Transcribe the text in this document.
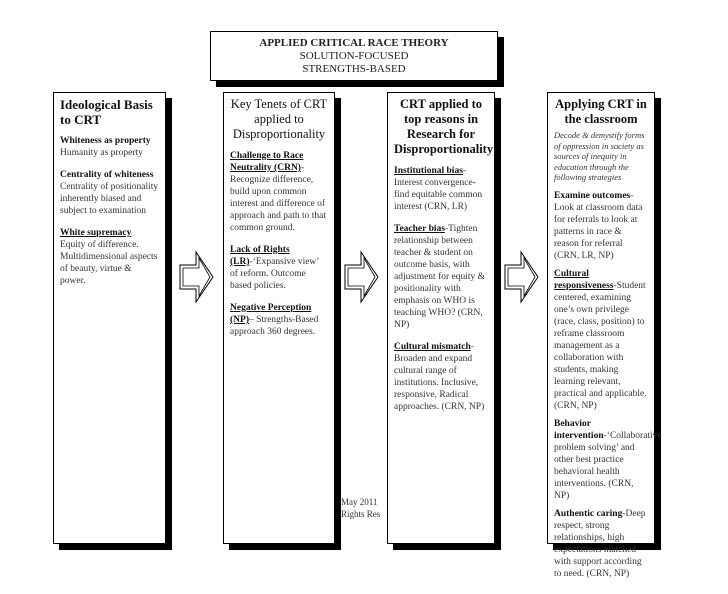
APPLIED CRITICAL RACE THEORY
SOLUTION-FOCUSED
STRENGTHS-BASED
Ideological Basis to CRT
Whiteness as property Humanity as property
Centrality of whiteness Centrality of positionality inherently biased and subject to examination
White supremacy
Equity of difference. Multidimensional aspects of beauty, virtue & power.
Key Tenets of CRT applied to Disproportionality
Challenge to Race Neutrality (CRN)-Recognize difference, build upon common interest and difference of approach and path to that common ground.
Lack of Rights (LR)-‘Expansive view’ of reform. Outcome based policies.
Negative Perception (NP)– Strengths-Based approach 360 degrees.
CRT applied to top reasons in Research for Disproportionality
Institutional bias-Interest convergence-find equitable common interest (CRN, LR)
Teacher bias-Tighten relationship between teacher & student on outcome basis, with adjustment for equity & positionality with emphasis on WHO is teaching WHO? (CRN, NP)
Cultural mismatch-Broaden and expand cultural range of institutions. Inclusive, responsive, Radical approaches. (CRN, NP)
Applying CRT in the classroom
Decode & demystify forms of oppression in society as sources of inequity in education through the following strategies
Examine outcomes-Look at classroom data for referrals to look at patterns in race & reason for referral (CRN, LR, NP)
Cultural responsiveness-Student centered, examining one’s own privilege (race, class, position) to reframe classroom management as a collaboration with students, making learning relevant, practical and applicable. (CRN, NP)
Behavior intervention-‘Collaborative problem solving’ and other best practice behavioral health interventions. (CRN, NP)
Authentic caring-Deep respect, strong relationships, high expectations matched with support according to need. (CRN, NP)
May 2011
Rights Res
